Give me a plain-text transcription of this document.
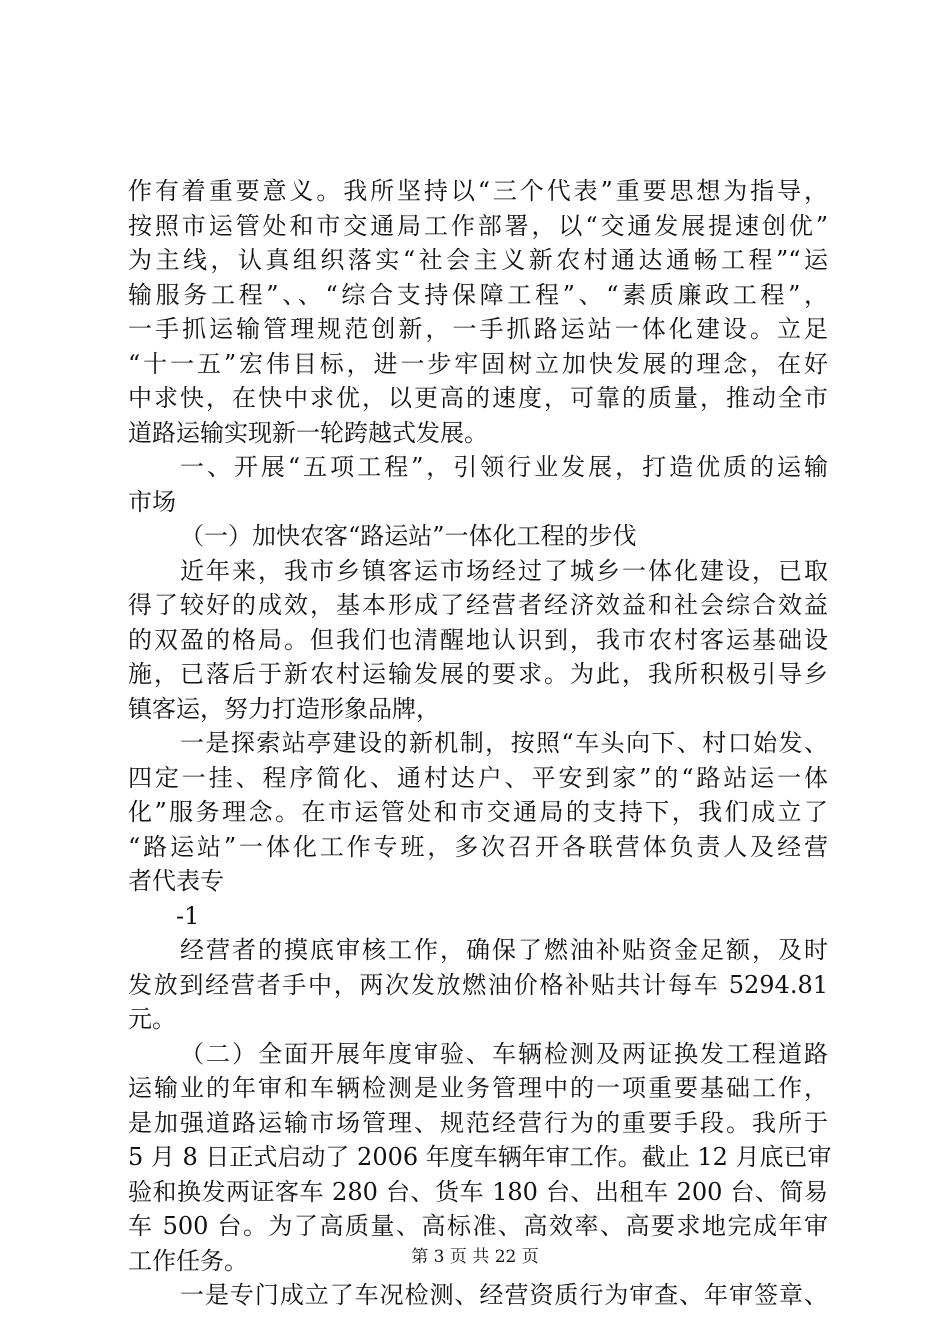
作有着重要意义。我所坚持以“三个代表”重要思想为指导，
按照市运管处和市交通局工作部署，以“交通发展提速创优”
为主线，认真组织落实“社会主义新农村通达通畅工程”“运
输服务工程”、、“综合支持保障工程”、“素质廉政工程”，
一手抓运输管理规范创新，一手抓路运站一体化建设。立足
“十一五”宏伟目标，进一步牢固树立加快发展的理念，在好
中求快，在快中求优，以更高的速度，可靠的质量，推动全市
道路运输实现新一轮跨越式发展。
一、开展“五项工程”，引领行业发展，打造优质的运输
市场
（一）加快农客“路运站”一体化工程的步伐
近年来，我市乡镇客运市场经过了城乡一体化建设，已取
得了较好的成效，基本形成了经营者经济效益和社会综合效益
的双盈的格局。但我们也清醒地认识到，我市农村客运基础设
施，已落后于新农村运输发展的要求。为此，我所积极引导乡
镇客运，努力打造形象品牌，
一是探索站亭建设的新机制，按照“车头向下、村口始发、
四定一挂、程序简化、通村达户、平安到家”的“路站运一体
化”服务理念。在市运管处和市交通局的支持下，我们成立了
“路运站”一体化工作专班，多次召开各联营体负责人及经营
者代表专
-1
经营者的摸底审核工作，确保了燃油补贴资金足额，及时
发放到经营者手中，两次发放燃油价格补贴共计每车 5294.81
元。
（二）全面开展年度审验、车辆检测及两证换发工程道路
运输业的年审和车辆检测是业务管理中的一项重要基础工作，
是加强道路运输市场管理、规范经营行为的重要手段。我所于
5 月 8 日正式启动了 2006 年度车辆年审工作。截止 12 月底已审
验和换发两证客车 280 台、货车 180 台、出租车 200 台、简易
车 500 台。为了高质量、高标准、高效率、高要求地完成年审
工作任务。
一是专门成立了车况检测、经营资质行为审查、年审签章、
第 3 页 共 22 页
